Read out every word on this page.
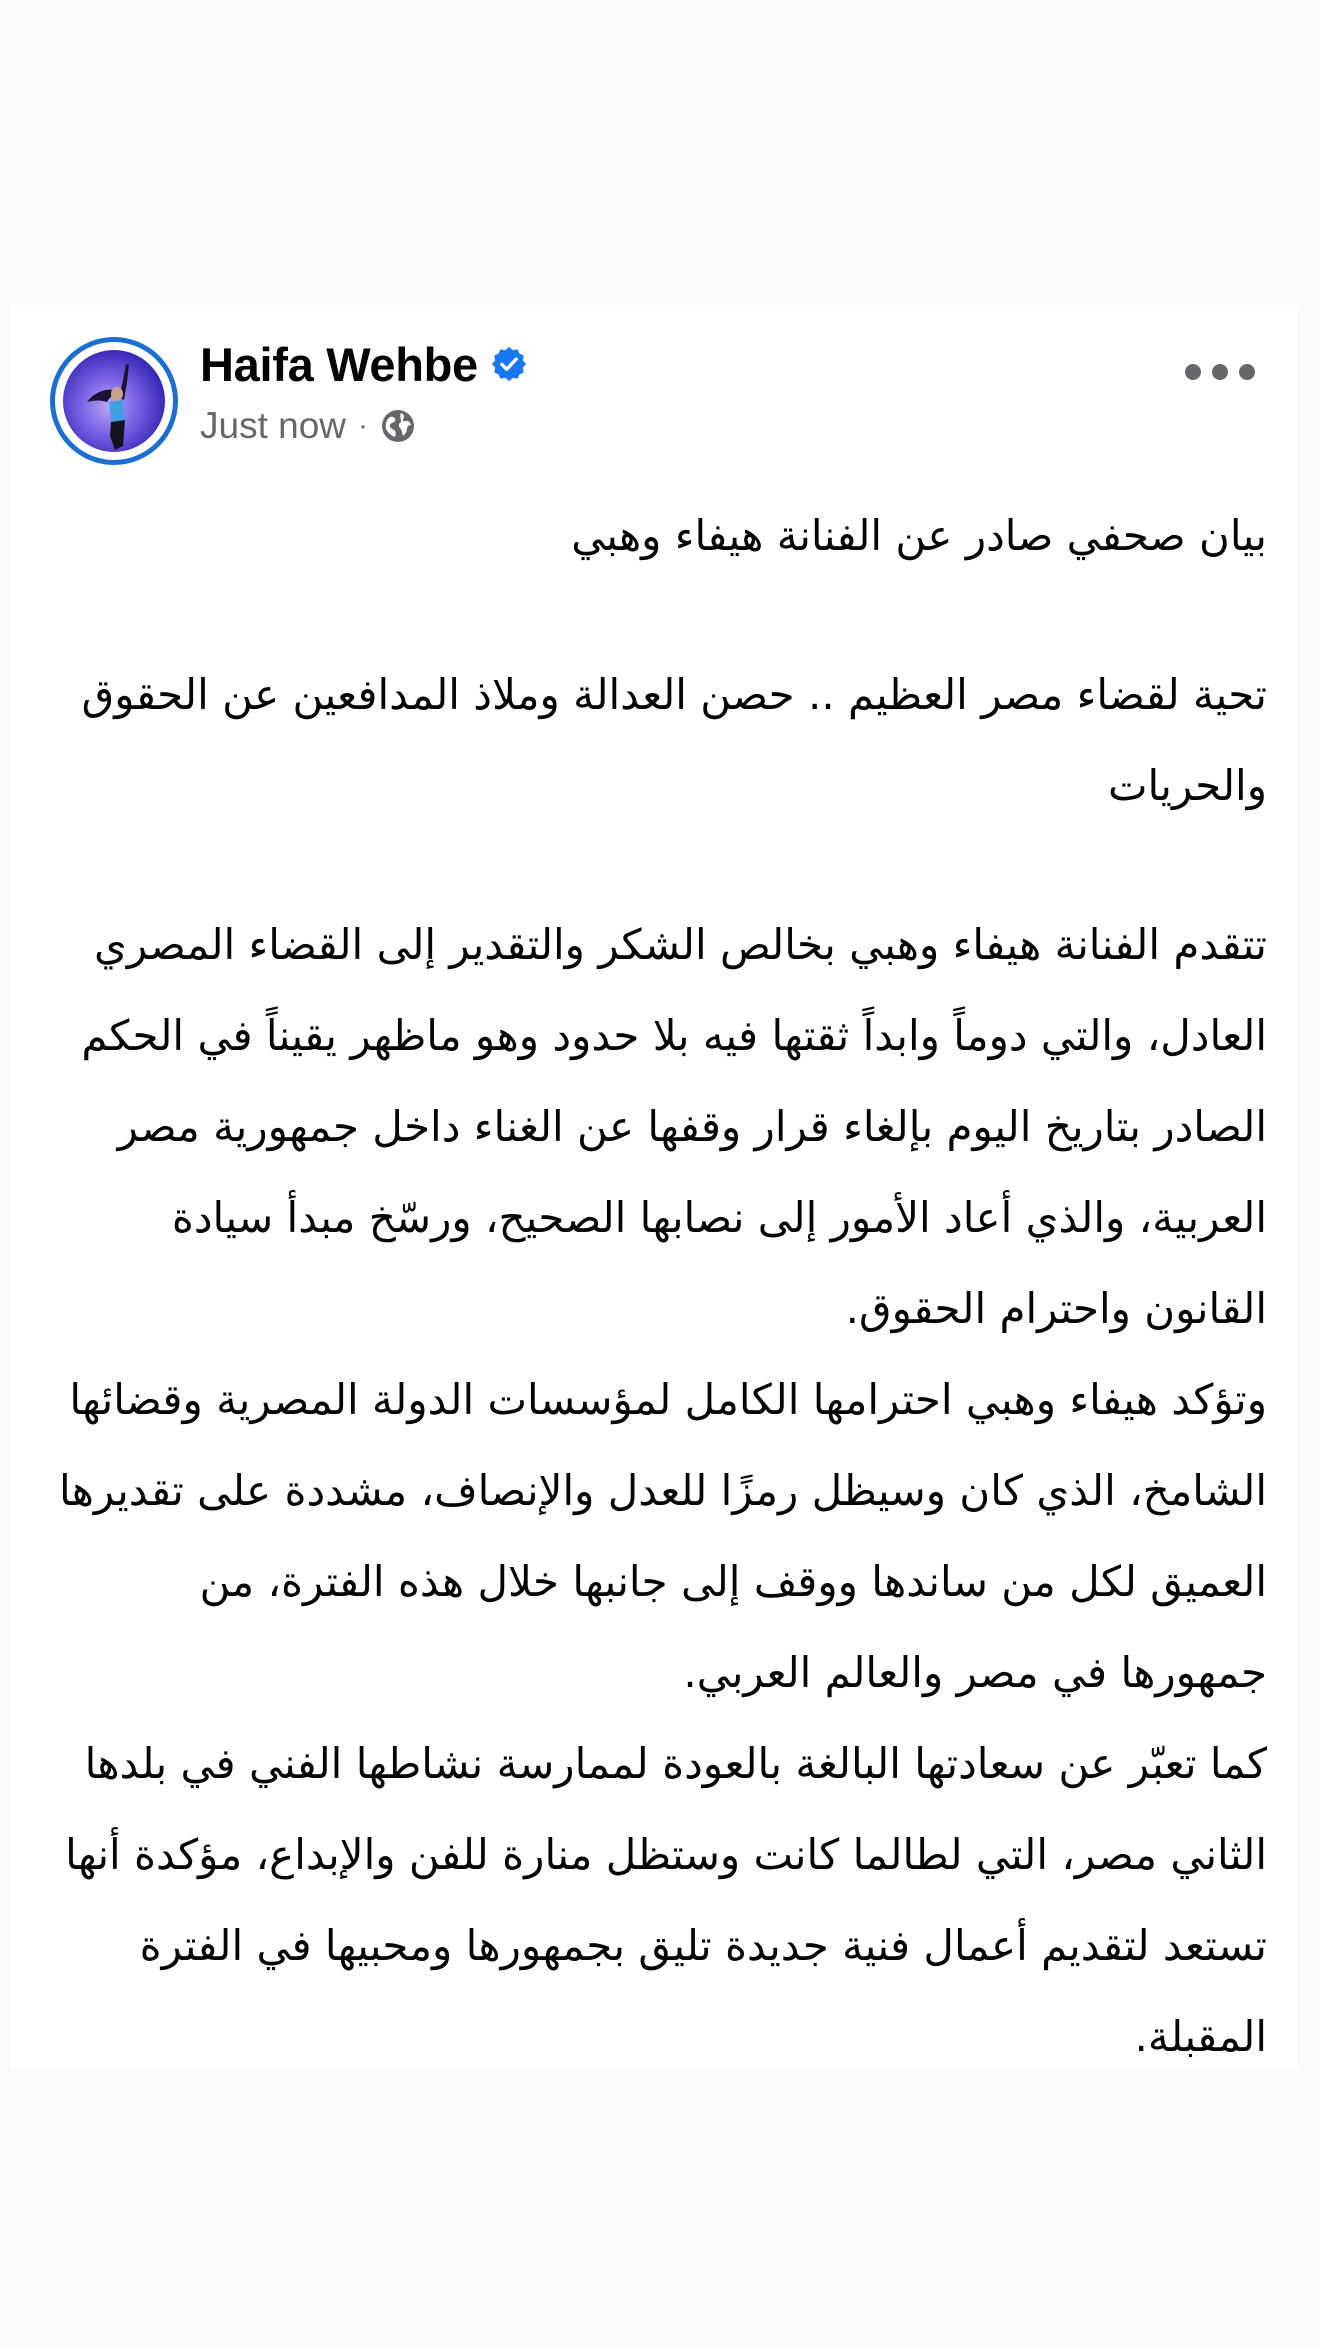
Haifa Wehbe
Just now ·

بيان صحفي صادر عن الفنانة هيفاء وهبي

تحية لقضاء مصر العظيم .. حصن العدالة وملاذ المدافعين عن الحقوق والحريات

تتقدم الفنانة هيفاء وهبي بخالص الشكر والتقدير إلى القضاء المصري العادل، والتي دوماً وابداً ثقتها فيه بلا حدود وهو ماظهر يقيناً في الحكم الصادر بتاريخ اليوم بإلغاء قرار وقفها عن الغناء داخل جمهورية مصر العربية، والذي أعاد الأمور إلى نصابها الصحيح، ورسّخ مبدأ سيادة القانون واحترام الحقوق.

وتؤكد هيفاء وهبي احترامها الكامل لمؤسسات الدولة المصرية وقضائها الشامخ، الذي كان وسيظل رمزًا للعدل والإنصاف، مشددة على تقديرها العميق لكل من ساندها ووقف إلى جانبها خلال هذه الفترة، من جمهورها في مصر والعالم العربي.

كما تعبّر عن سعادتها البالغة بالعودة لممارسة نشاطها الفني في بلدها الثاني مصر، التي لطالما كانت وستظل منارة للفن والإبداع، مؤكدة أنها تستعد لتقديم أعمال فنية جديدة تليق بجمهورها ومحبيها في الفترة المقبلة.
